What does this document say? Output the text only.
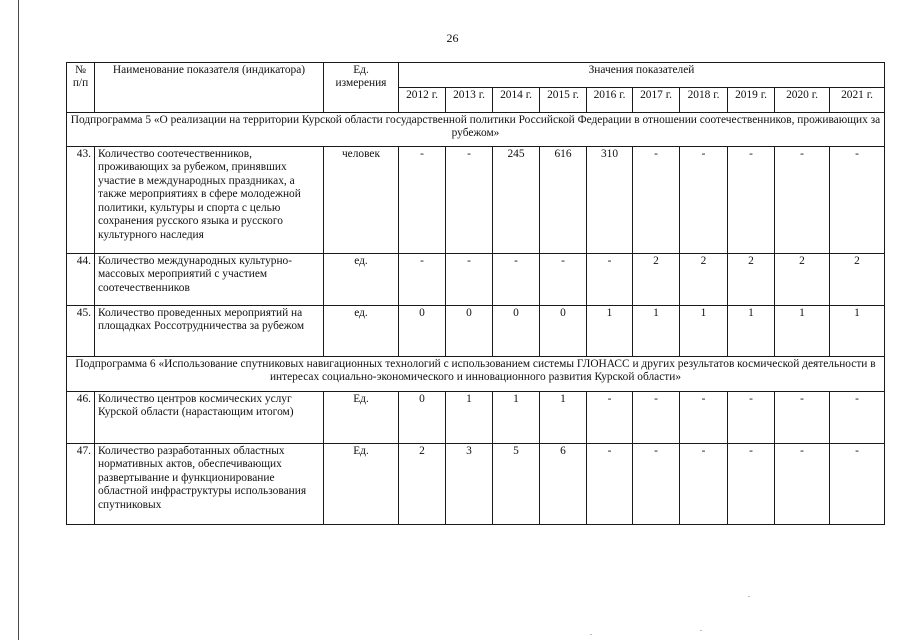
26
№ п/п	Наименование показателя (индикатора)	Ед. измерения	Значения показателей									
			2012 г.	2013 г.	2014 г.	2015 г.	2016 г.	2017 г.	2018 г.	2019 г.	2020 г.	2021 г.
Подпрограмма 5 «О реализации на территории Курской области государственной политики Российской Федерации в отношении соотечественников, проживающих за рубежом»												
43.	Количество соотечественников, проживающих за рубежом, принявших участие в международных праздниках, а также мероприятиях в сфере молодежной политики, культуры и спорта с целью сохранения русского языка и русского культурного наследия	человек	-	-	245	616	310	-	-	-	-	-
44.	Количество международных культурно-массовых мероприятий с участием соотечественников	ед.	-	-	-	-	-	2	2	2	2	2
45.	Количество проведенных мероприятий на площадках Россотрудничества за рубежом	ед.	0	0	0	0	1	1	1	1	1	1
Подпрограмма 6 «Использование спутниковых навигационных технологий с использованием системы ГЛОНАСС и других результатов космической деятельности в интересах социально-экономического и инновационного развития Курской области»												
46.	Количество центров космических услуг Курской области (нарастающим итогом)	Ед.	0	1	1	1	-	-	-	-	-	-
47.	Количество разработанных областных нормативных актов, обеспечивающих развертывание и функционирование областной инфраструктуры использования спутниковых	Ед.	2	3	5	6	-	-	-	-	-	-
